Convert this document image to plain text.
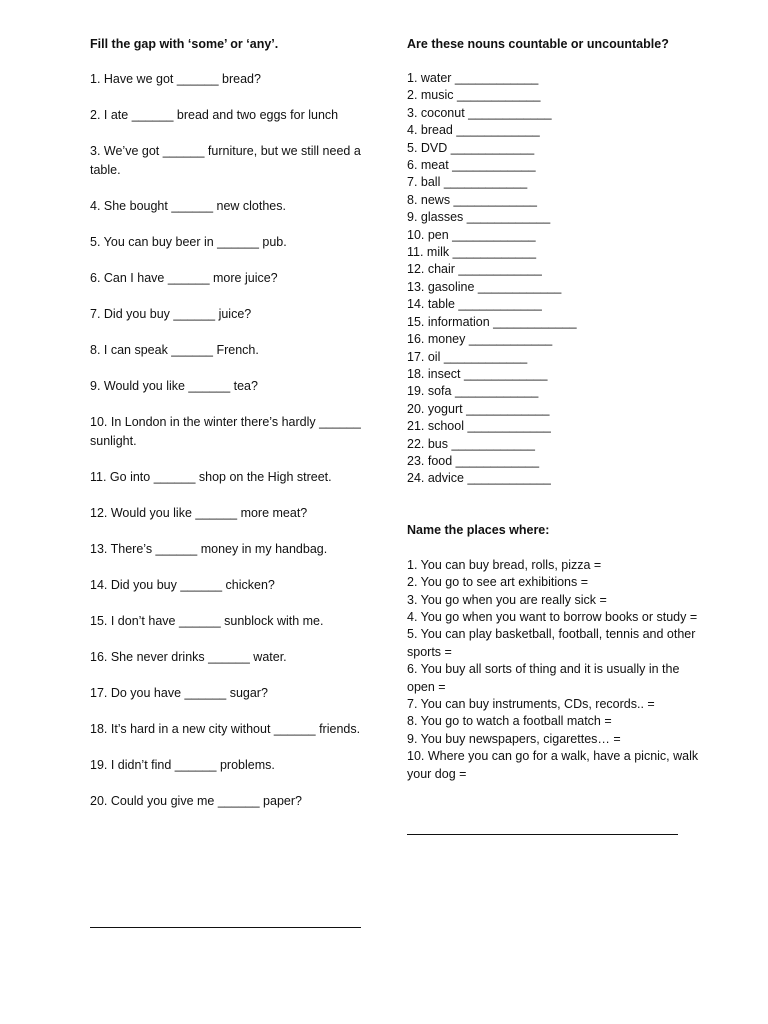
Fill the gap with ‘some’ or ‘any’.
1. Have we got ______ bread?
2. I ate ______ bread and two eggs for lunch
3. We’ve got ______ furniture, but we still need a table.
4. She bought ______ new clothes.
5. You can buy beer in ______ pub.
6. Can I have ______ more juice?
7. Did you buy ______ juice?
8. I can speak ______ French.
9. Would you like ______ tea?
10. In London in the winter there’s hardly ______ sunlight.
11. Go into ______ shop on the High street.
12. Would you like ______ more meat?
13. There’s ______ money in my handbag.
14. Did you buy ______ chicken?
15. I don’t have ______ sunblock with me.
16. She never drinks ______ water.
17. Do you have ______ sugar?
18. It’s hard in a new city without ______ friends.
19. I didn’t find ______ problems.
20. Could you give me ______ paper?
Are these nouns countable or uncountable?
1. water ____________
2. music ____________
3. coconut ____________
4. bread ____________
5. DVD ____________
6. meat ____________
7. ball ____________
8. news ____________
9. glasses ____________
10. pen ____________
11. milk ____________
12. chair ____________
13. gasoline ____________
14. table ____________
15. information ____________
16. money ____________
17. oil ____________
18. insect ____________
19. sofa ____________
20. yogurt ____________
21. school ____________
22. bus ____________
23. food ____________
24. advice ____________
Name the places where:
1. You can buy bread, rolls, pizza =
2. You go to see art exhibitions =
3. You go when you are really sick =
4. You go when you want to borrow books or study =
5. You can play basketball, football, tennis and other sports =
6. You buy all sorts of thing and it is usually in the open =
7. You can buy instruments, CDs, records.. =
8. You go to watch a football match =
9. You buy newspapers, cigarettes… =
10. Where you can go for a walk, have a picnic, walk your dog =
